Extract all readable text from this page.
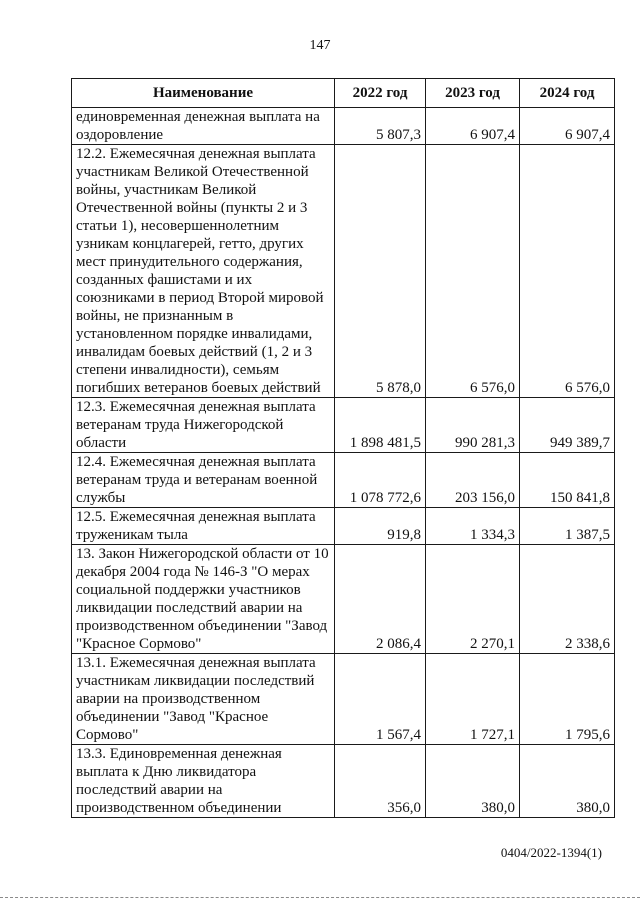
147
Наименование	2022 год	2023 год	2024 год
единовременная денежная выплата на оздоровление	5 807,3	6 907,4	6 907,4
12.2. Ежемесячная денежная выплата участникам Великой Отечественной войны, участникам Великой Отечественной войны (пункты 2 и 3 статьи 1), несовершеннолетним узникам концлагерей, гетто, других мест принудительного содержания, созданных фашистами и их союзниками в период Второй мировой войны, не признанным в установленном порядке инвалидами, инвалидам боевых действий (1, 2 и 3 степени инвалидности), семьям погибших ветеранов боевых действий	5 878,0	6 576,0	6 576,0
12.3. Ежемесячная денежная выплата ветеранам труда Нижегородской области	1 898 481,5	990 281,3	949 389,7
12.4. Ежемесячная денежная выплата ветеранам труда и ветеранам военной службы	1 078 772,6	203 156,0	150 841,8
12.5. Ежемесячная денежная выплата труженикам тыла	919,8	1 334,3	1 387,5
13. Закон Нижегородской области от 10 декабря 2004 года № 146-З "О мерах социальной поддержки участников ликвидации последствий аварии на производственном объединении "Завод "Красное Сормово"	2 086,4	2 270,1	2 338,6
13.1. Ежемесячная денежная выплата участникам ликвидации последствий аварии на производственном объединении "Завод "Красное Сормово"	1 567,4	1 727,1	1 795,6
13.3. Единовременная денежная выплата к Дню ликвидатора последствий аварии на производственном объединении	356,0	380,0	380,0
0404/2022-1394(1)
